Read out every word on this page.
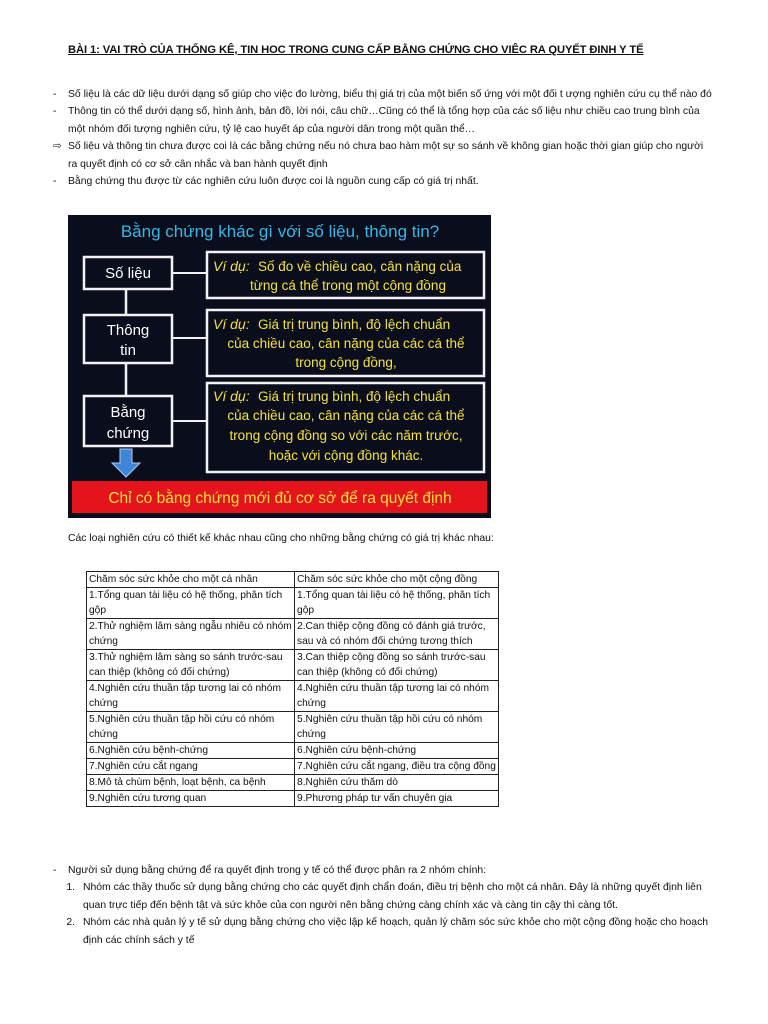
BÀI 1: VAI TRÒ CỦA THỐNG KÊ, TIN HOC TRONG CUNG CẤP BẰNG CHỨNG CHO VIÊC RA QUYẾT ĐINH Y TẾ
-	Số liệu là các dữ liệu dưới dạng số giúp cho việc đo lường, biểu thị giá trị của một biến số ứng với một đối t ượng nghiên cứu cụ thể nào đó
-	Thông tin có thể dưới dạng số, hình ảnh, bản đồ, lời nói, câu chữ…Cũng có thể là tổng hợp của các số liệu như chiều cao trung bình của một nhóm đối tượng nghiên cứu, tỷ lệ cao huyết áp của người dân trong một quần thể…
⇨ Số liệu và thông tin chưa được coi là các bằng chứng nếu nó chưa bao hàm một sự so sánh về không gian hoặc thời gian giúp cho người ra quyết định có cơ sở cân nhắc và ban hành quyết định
-	Bằng chứng thu được từ các nghiên cứu luôn được coi là nguồn cung cấp có giá trị nhất.
Bằng chứng khác gì với số liệu, thông tin?
Số liệu	Ví dụ: Số đo về chiều cao, cân nặng của
từng cá thể trong một cộng đồng
Thông
tin
Ví dụ: Giá trị trung bình, độ lệch chuẩn
của chiều cao, cân nặng của các cá thể
trong cộng đồng,
Bằng
chứng
Ví dụ: Giá trị trung bình, độ lệch chuẩn
của chiều cao, cân nặng của các cá thể
trong cộng đồng so với các năm trước,
hoặc với cộng đồng khác.
Chỉ có bằng chứng mới đủ cơ sở để ra quyết định
Các loại nghiên cứu có thiết kế khác nhau cũng cho những bằng chứng có giá trị khác nhau:
Chăm sóc sức khỏe cho một cá nhân	Chăm sóc sức khỏe cho một cộng đồng
1.Tổng quan tài liệu có hệ thống, phân tích gộp	1.Tổng quan tài liệu có hệ thống, phân tích gộp
2.Thử nghiệm lâm sàng ngẫu nhiêu có nhóm chứng	2.Can thiệp cộng đồng có đánh giá trước, sau và có nhóm đối chứng tương thích
3.Thử nghiệm lâm sàng so sánh trước-sau can thiệp (không có đối chứng)	3.Can thiệp cộng đồng so sánh trước-sau can thiệp (không có đối chứng)
4.Nghiên cứu thuần tập tương lai có nhóm chứng	4.Nghiên cứu thuần tập tương lai có nhóm chứng
5.Nghiên cứu thuần tập hồi cứu có nhóm chứng	5.Nghiên cứu thuần tập hồi cứu có nhóm chứng
6.Nghiên cứu bệnh-chứng	6.Nghiên cứu bệnh-chứng
7.Nghiên cứu cắt ngang	7.Nghiên cứu cắt ngang, điều tra cộng đồng
8.Mô tả chùm bệnh, loạt bệnh, ca bệnh	8.Nghiên cứu thăm dò
9.Nghiên cứu tương quan	9.Phương pháp tư vấn chuyên gia
-	Người sử dụng bằng chứng để ra quyết định trong y tế có thể được phân ra 2 nhóm chính:
1. Nhóm các thầy thuốc sử dụng bằng chứng cho các quyết định chẩn đoán, điều trị bệnh cho một cá nhân. Đây là những quyết định liên quan trực tiếp đến bệnh tật và sức khỏe của con người nên bằng chứng càng chính xác và càng tin cậy thì càng tốt.
2. Nhóm các nhà quản lý y tế sử dụng bằng chứng cho việc lập kế hoạch, quản lý chăm sóc sức khỏe cho một cộng đồng hoặc cho hoạch định các chính sách y tế
